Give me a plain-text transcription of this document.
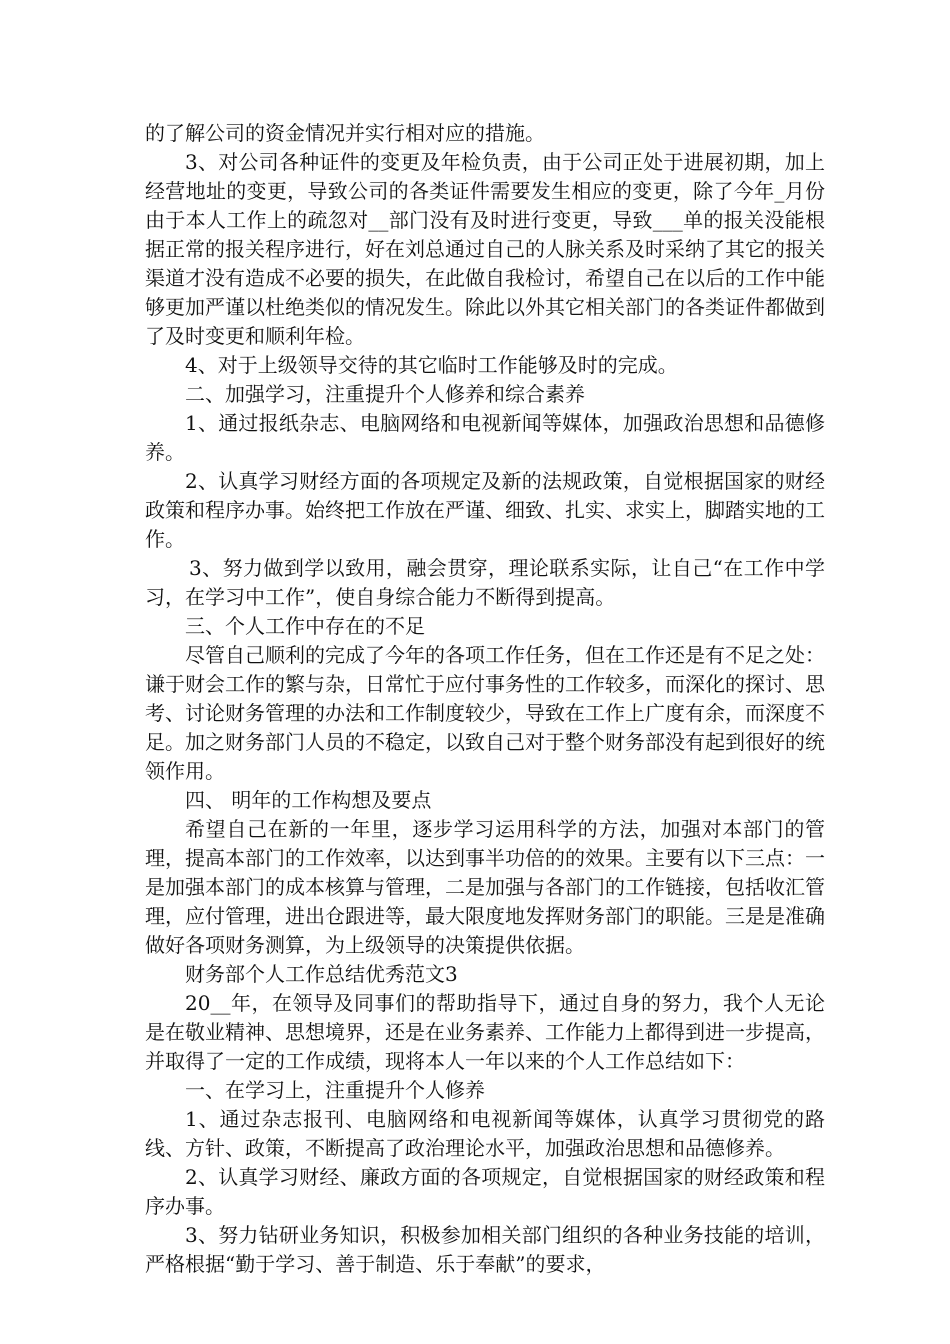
的了解公司的资金情况并实行相对应的措施。

3、对公司各种证件的变更及年检负责，由于公司正处于进展初期，加上经营地址的变更，导致公司的各类证件需要发生相应的变更，除了今年_月份由于本人工作上的疏忽对__部门没有及时进行变更，导致___单的报关没能根据正常的报关程序进行，好在刘总通过自己的人脉关系及时采纳了其它的报关渠道才没有造成不必要的损失，在此做自我检讨，希望自己在以后的工作中能够更加严谨以杜绝类似的情况发生。除此以外其它相关部门的各类证件都做到了及时变更和顺利年检。

4、对于上级领导交待的其它临时工作能够及时的完成。

二、加强学习，注重提升个人修养和综合素养

1、通过报纸杂志、电脑网络和电视新闻等媒体，加强政治思想和品德修养。

2、认真学习财经方面的各项规定及新的法规政策，自觉根据国家的财经政策和程序办事。始终把工作放在严谨、细致、扎实、求实上，脚踏实地的工作。

3、努力做到学以致用，融会贯穿，理论联系实际，让自己“在工作中学习，在学习中工作”，使自身综合能力不断得到提高。

三、个人工作中存在的不足

尽管自己顺利的完成了今年的各项工作任务，但在工作还是有不足之处：谦于财会工作的繁与杂，日常忙于应付事务性的工作较多，而深化的探讨、思考、讨论财务管理的办法和工作制度较少，导致在工作上广度有余，而深度不足。加之财务部门人员的不稳定，以致自己对于整个财务部没有起到很好的统领作用。

四、 明年的工作构想及要点

希望自己在新的一年里，逐步学习运用科学的方法，加强对本部门的管理，提高本部门的工作效率，以达到事半功倍的的效果。主要有以下三点：一是加强本部门的成本核算与管理，二是加强与各部门的工作链接，包括收汇管理，应付管理，进出仓跟进等，最大限度地发挥财务部门的职能。三是是准确做好各项财务测算，为上级领导的决策提供依据。

财务部个人工作总结优秀范文3

20__年，在领导及同事们的帮助指导下，通过自身的努力，我个人无论是在敬业精神、思想境界，还是在业务素养、工作能力上都得到进一步提高，并取得了一定的工作成绩，现将本人一年以来的个人工作总结如下：

一、在学习上，注重提升个人修养

1、通过杂志报刊、电脑网络和电视新闻等媒体，认真学习贯彻党的路线、方针、政策，不断提高了政治理论水平，加强政治思想和品德修养。

2、认真学习财经、廉政方面的各项规定，自觉根据国家的财经政策和程序办事。

3、努力钻研业务知识，积极参加相关部门组织的各种业务技能的培训，严格根据“勤于学习、善于制造、乐于奉献”的要求，
